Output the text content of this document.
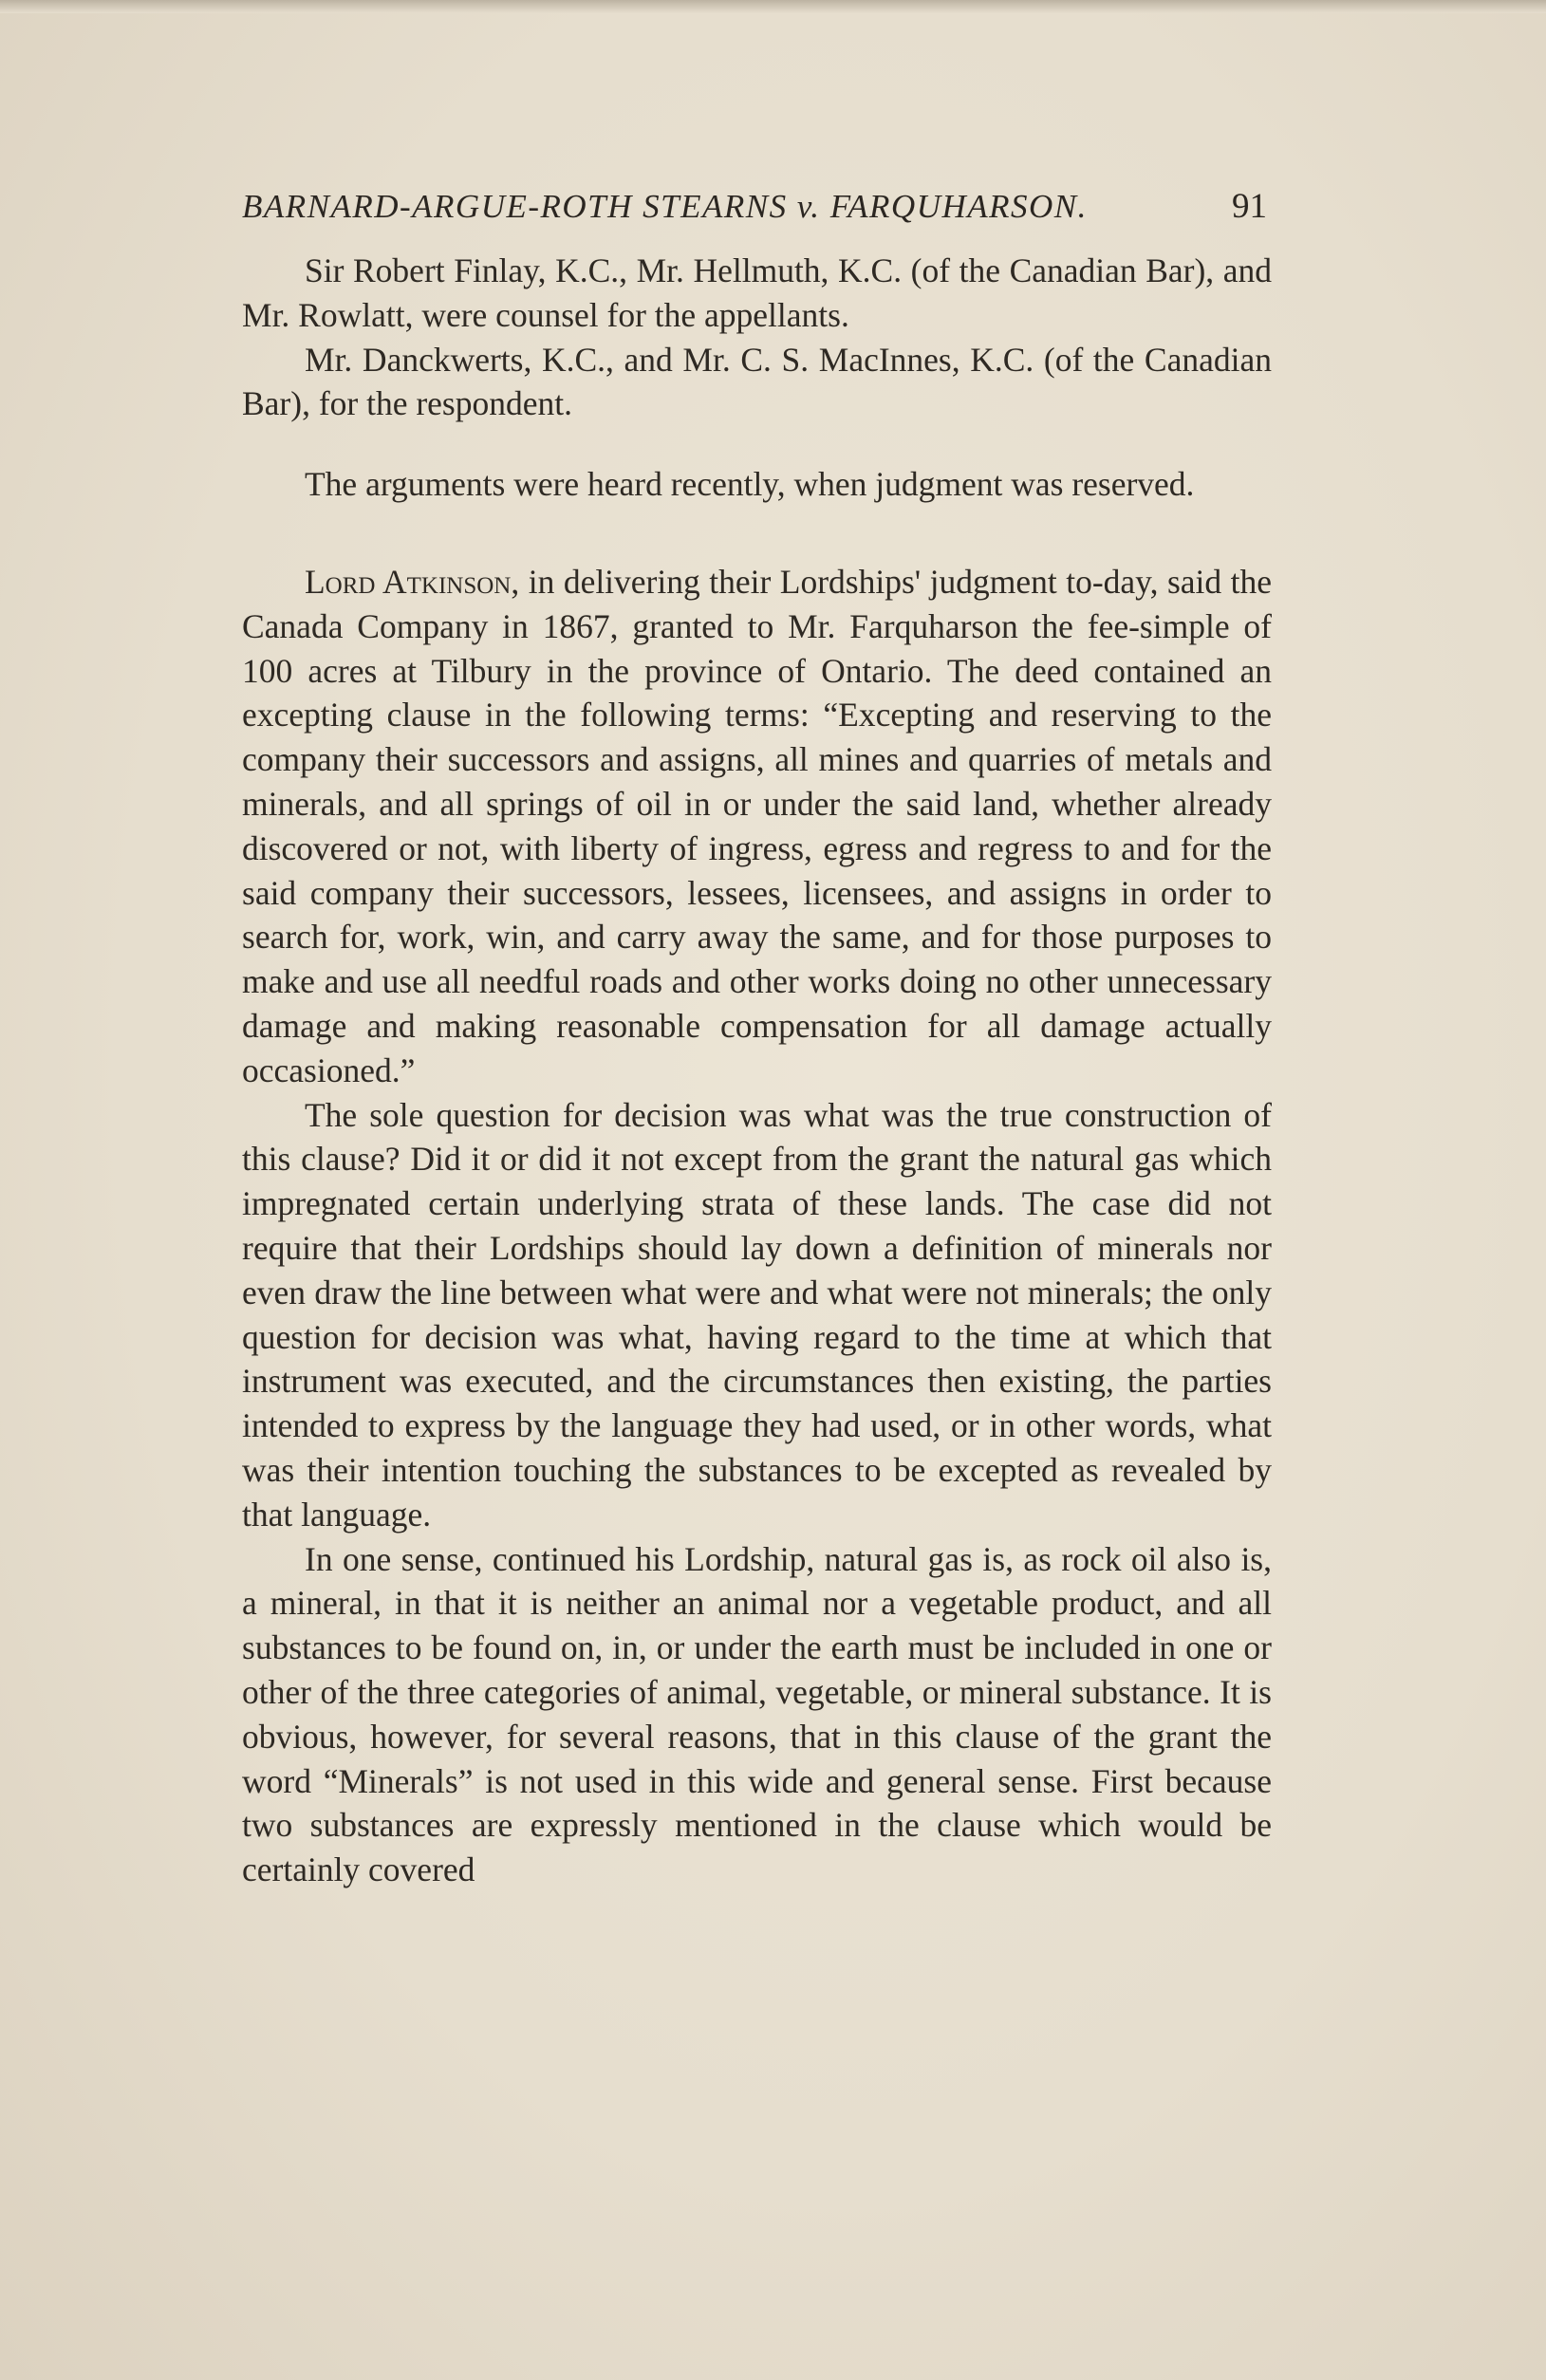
BARNARD-ARGUE-ROTH STEARNS v. FARQUHARSON.	91

Sir Robert Finlay, K.C., Mr. Hellmuth, K.C. (of the Canadian Bar), and Mr. Rowlatt, were counsel for the appellants.

Mr. Danckwerts, K.C., and Mr. C. S. MacInnes, K.C. (of the Canadian Bar), for the respondent.

The arguments were heard recently, when judgment was reserved.

Lord Atkinson, in delivering their Lordships' judgment to-day, said the Canada Company in 1867, granted to Mr. Farquharson the fee-simple of 100 acres at Tilbury in the province of Ontario. The deed contained an excepting clause in the following terms: “Excepting and reserving to the company their successors and assigns, all mines and quarries of metals and minerals, and all springs of oil in or under the said land, whether already discovered or not, with liberty of ingress, egress and regress to and for the said company their successors, lessees, licensees, and assigns in order to search for, work, win, and carry away the same, and for those purposes to make and use all needful roads and other works doing no other unnecessary damage and making reasonable compensation for all damage actually occasioned.”

The sole question for decision was what was the true construction of this clause? Did it or did it not except from the grant the natural gas which impregnated certain underlying strata of these lands. The case did not require that their Lordships should lay down a definition of minerals nor even draw the line between what were and what were not minerals; the only question for decision was what, having regard to the time at which that instrument was executed, and the circumstances then existing, the parties intended to express by the language they had used, or in other words, what was their intention touching the substances to be excepted as revealed by that language.

In one sense, continued his Lordship, natural gas is, as rock oil also is, a mineral, in that it is neither an animal nor a vegetable product, and all substances to be found on, in, or under the earth must be included in one or other of the three categories of animal, vegetable, or mineral substance. It is obvious, however, for several reasons, that in this clause of the grant the word “Minerals” is not used in this wide and general sense. First because two substances are expressly mentioned in the clause which would be certainly covered
